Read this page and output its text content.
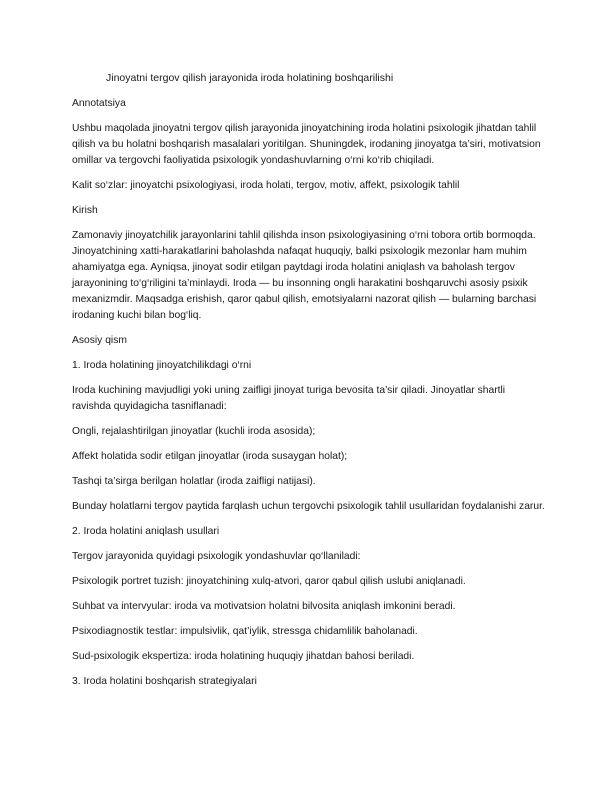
Jinoyatni tergov qilish jarayonida iroda holatining boshqarilishi

Annotatsiya

Ushbu maqolada jinoyatni tergov qilish jarayonida jinoyatchining iroda holatini psixologik jihatdan tahlil qilish va bu holatni boshqarish masalalari yoritilgan. Shuningdek, irodaning jinoyatga ta’siri, motivatsion omillar va tergovchi faoliyatida psixologik yondashuvlarning o‘rni ko‘rib chiqiladi.

Kalit so‘zlar: jinoyatchi psixologiyasi, iroda holati, tergov, motiv, affekt, psixologik tahlil

Kirish

Zamonaviy jinoyatchilik jarayonlarini tahlil qilishda inson psixologiyasining o‘rni tobora ortib bormoqda. Jinoyatchining xatti-harakatlarini baholashda nafaqat huquqiy, balki psixologik mezonlar ham muhim ahamiyatga ega. Ayniqsa, jinoyat sodir etilgan paytdagi iroda holatini aniqlash va baholash tergov jarayonining to‘g‘riligini ta’minlaydi. Iroda — bu insonning ongli harakatini boshqaruvchi asosiy psixik mexanizmdir. Maqsadga erishish, qaror qabul qilish, emotsiyalarni nazorat qilish — bularning barchasi irodaning kuchi bilan bog‘liq.

Asosiy qism

1. Iroda holatining jinoyatchilikdagi o‘rni

Iroda kuchining mavjudligi yoki uning zaifligi jinoyat turiga bevosita ta’sir qiladi. Jinoyatlar shartli ravishda quyidagicha tasniflanadi:

Ongli, rejalashtirilgan jinoyatlar (kuchli iroda asosida);

Affekt holatida sodir etilgan jinoyatlar (iroda susaygan holat);

Tashqi ta’sirga berilgan holatlar (iroda zaifligi natijasi).

Bunday holatlarni tergov paytida farqlash uchun tergovchi psixologik tahlil usullaridan foydalanishi zarur.

2. Iroda holatini aniqlash usullari

Tergov jarayonida quyidagi psixologik yondashuvlar qo‘llaniladi:

Psixologik portret tuzish: jinoyatchining xulq-atvori, qaror qabul qilish uslubi aniqlanadi.

Suhbat va intervyular: iroda va motivatsion holatni bilvosita aniqlash imkonini beradi.

Psixodiagnostik testlar: impulsivlik, qat’iylik, stressga chidamlilik baholanadi.

Sud-psixologik ekspertiza: iroda holatining huquqiy jihatdan bahosi beriladi.

3. Iroda holatini boshqarish strategiyalari
